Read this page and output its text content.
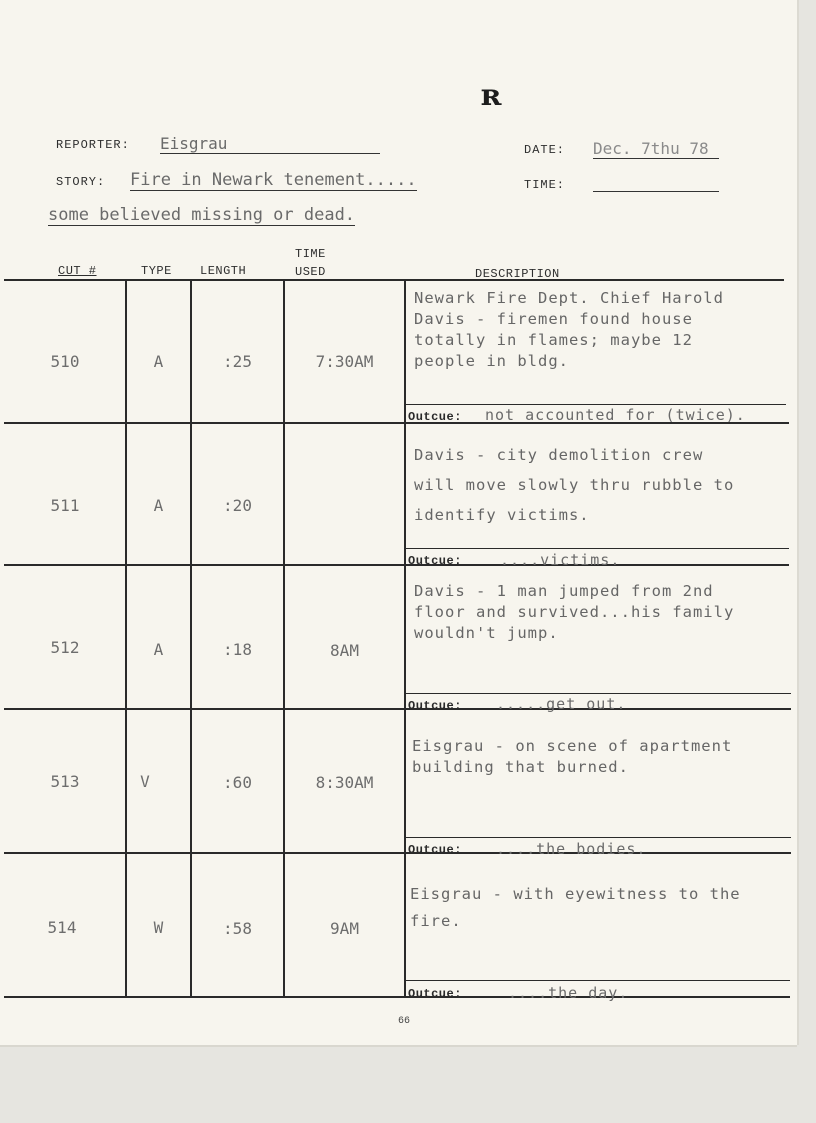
ʀ
REPORTER: Eisgrau	DATE: Dec. 7thu 78
STORY: Fire in Newark tenement.....
some believed missing or dead.
TIME:
CUT #	TYPE LENGTH
TIME
USED	DESCRIPTION
510	A	:25	7:30AM
Newark Fire Dept. Chief Harold
Davis - firemen found house
totally in flames; maybe 12
people in bldg.
Outcue: not accounted for (twice).
511	A	:20
Davis - city demolition crew
will move slowly thru rubble to
identify victims.
Outcue:	....victims.
512	A	:18	8AM
Davis - 1 man jumped from 2nd
floor and survived...his family
wouldn't jump.
Outcue: .....get out.
513	V	:60	8:30AM
Eisgrau - on scene of apartment
building that burned.
Outcue: ....the bodies.
514	W	:58	9AM
Eisgrau - with eyewitness to the
fire.
Outcue:	....the day.
66
